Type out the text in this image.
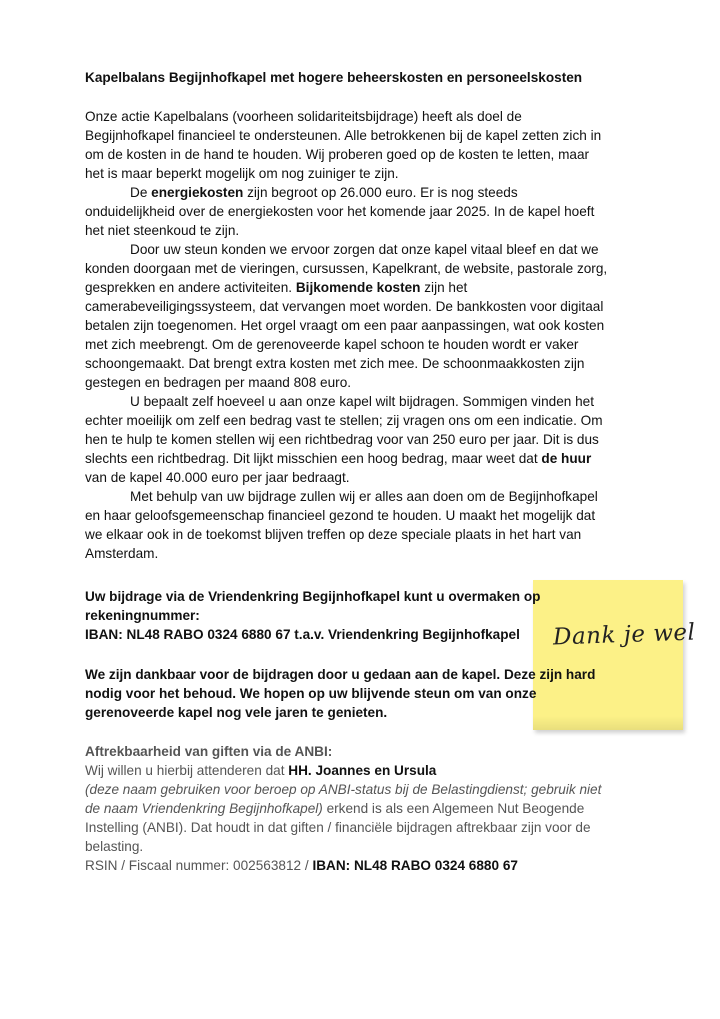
Kapelbalans Begijnhofkapel met hogere beheerskosten en personeelskosten

Onze actie Kapelbalans (voorheen solidariteitsbijdrage) heeft als doel de Begijnhofkapel financieel te ondersteunen. Alle betrokkenen bij de kapel zetten zich in om de kosten in de hand te houden. Wij proberen goed op de kosten te letten, maar het is maar beperkt mogelijk om nog zuiniger te zijn.

De energiekosten zijn begroot op 26.000 euro. Er is nog steeds onduidelijkheid over de energiekosten voor het komende jaar 2025. In de kapel hoeft het niet steenkoud te zijn.

Door uw steun konden we ervoor zorgen dat onze kapel vitaal bleef en dat we konden doorgaan met de vieringen, cursussen, Kapelkrant, de website, pastorale zorg, gesprekken en andere activiteiten. Bijkomende kosten zijn het camerabeveiligingssysteem, dat vervangen moet worden. De bankkosten voor digitaal betalen zijn toegenomen. Het orgel vraagt om een paar aanpassingen, wat ook kosten met zich meebrengt. Om de gerenoveerde kapel schoon te houden wordt er vaker schoongemaakt. Dat brengt extra kosten met zich mee. De schoonmaakkosten zijn gestegen en bedragen per maand 808 euro.

U bepaalt zelf hoeveel u aan onze kapel wilt bijdragen. Sommigen vinden het echter moeilijk om zelf een bedrag vast te stellen; zij vragen ons om een indicatie. Om hen te hulp te komen stellen wij een richtbedrag voor van 250 euro per jaar. Dit is dus slechts een richtbedrag. Dit lijkt misschien een hoog bedrag, maar weet dat de huur van de kapel 40.000 euro per jaar bedraagt.

Met behulp van uw bijdrage zullen wij er alles aan doen om de Begijnhofkapel en haar geloofsgemeenschap financieel gezond te houden. U maakt het mogelijk dat we elkaar ook in de toekomst blijven treffen op deze speciale plaats in het hart van Amsterdam.

Uw bijdrage via de Vriendenkring Begijnhofkapel kunt u overmaken op rekeningnummer:

IBAN: NL48 RABO 0324 6880 67 t.a.v. Vriendenkring Begijnhofkapel

We zijn dankbaar voor de bijdragen door u gedaan aan de kapel. Deze zijn hard nodig voor het behoud. We hopen op uw blijvende steun om van onze gerenoveerde kapel nog vele jaren te genieten.

Aftrekbaarheid van giften via de ANBI:

Wij willen u hierbij attenderen dat HH. Joannes en Ursula
(deze naam gebruiken voor beroep op ANBI-status bij de Belastingdienst; gebruik niet de naam Vriendenkring Begijnhofkapel) erkend is als een Algemeen Nut Beogende Instelling (ANBI). Dat houdt in dat giften / financiële bijdragen aftrekbaar zijn voor de belasting.

RSIN / Fiscaal nummer: 002563812 / IBAN: NL48 RABO 0324 6880 67

Dank je wel
